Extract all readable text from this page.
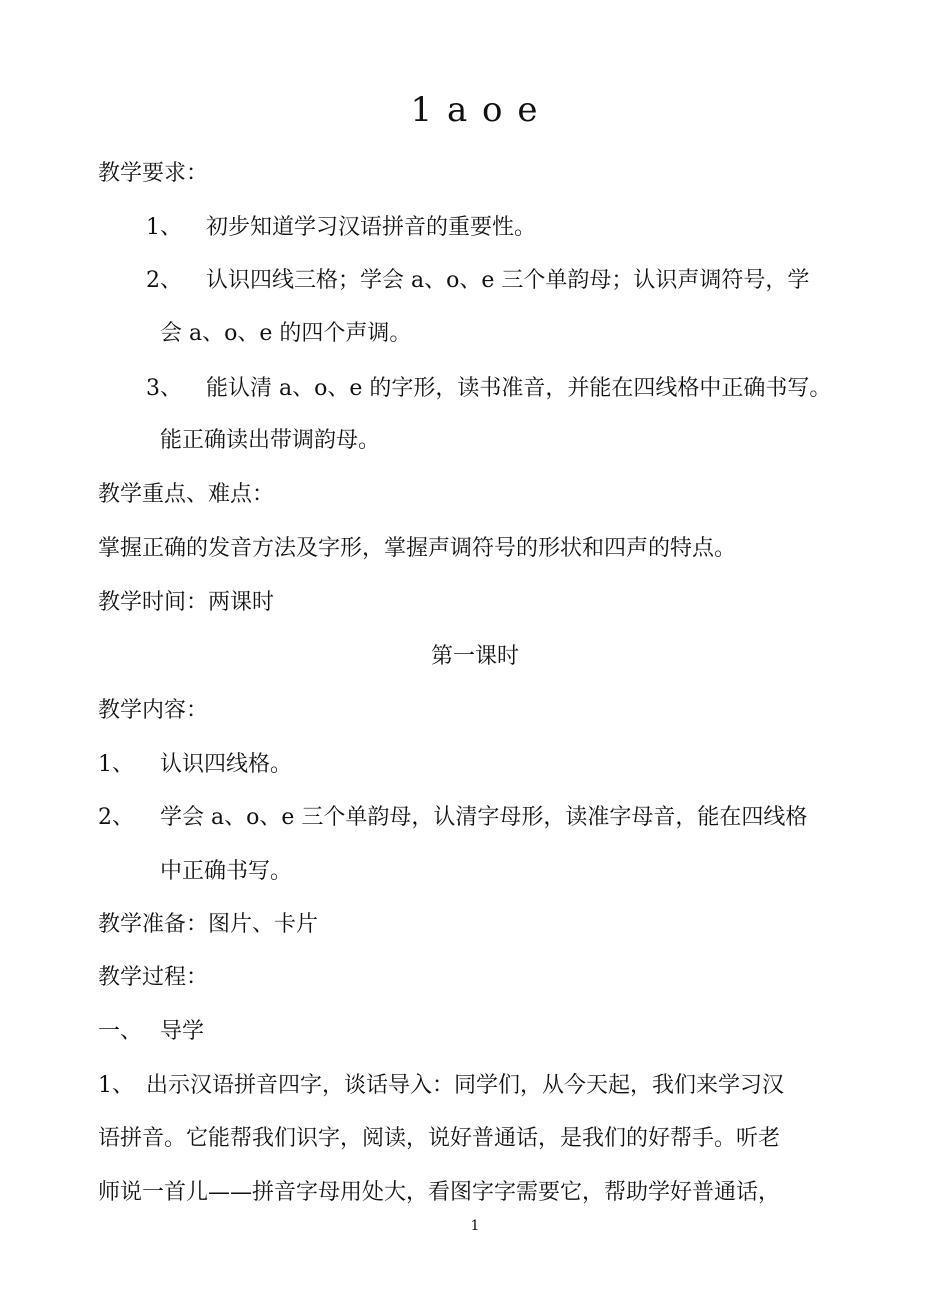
1 a o e
教学要求：
1、 初步知道学习汉语拼音的重要性。
2、 认识四线三格；学会 a、o、e 三个单韵母；认识声调符号，学
会 a、o、e 的四个声调。
3、 能认清 a、o、e 的字形，读书准音，并能在四线格中正确书写。
能正确读出带调韵母。
教学重点、难点：
掌握正确的发音方法及字形，掌握声调符号的形状和四声的特点。
教学时间：两课时
第一课时
教学内容：
1、 认识四线格。
2、 学会 a、o、e 三个单韵母，认清字母形，读准字母音，能在四线格
中正确书写。
教学准备：图片、卡片
教学过程：
一、 导学
1、 出示汉语拼音四字，谈话导入：同学们，从今天起，我们来学习汉
语拼音。它能帮我们识字，阅读，说好普通话，是我们的好帮手。听老
师说一首儿——拼音字母用处大，看图字字需要它，帮助学好普通话，
1
